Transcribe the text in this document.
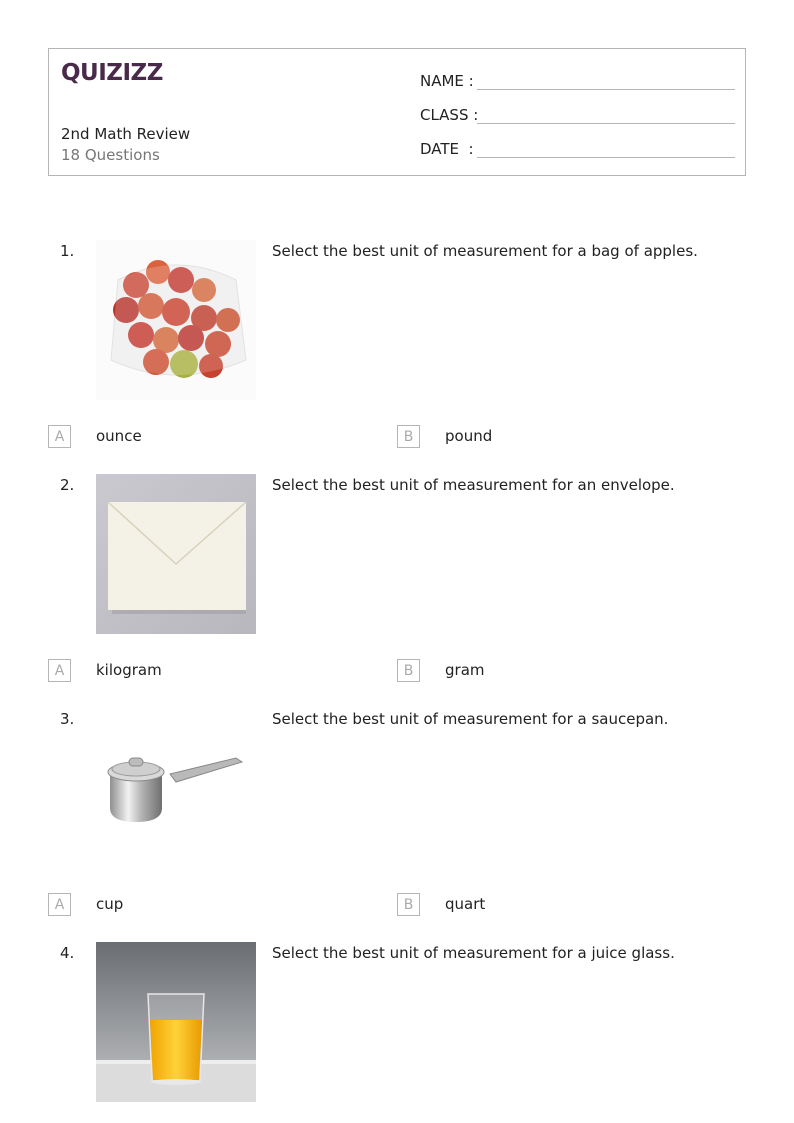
QUIZIZZ
2nd Math Review
18 Questions
NAME :
CLASS :
DATE  :
1.	Select the best unit of measurement for a bag of apples.
A	ounce	B	pound
2.	Select the best unit of measurement for an envelope.
A	kilogram	B	gram
3.	Select the best unit of measurement for a saucepan.
A	cup	B	quart
4.	Select the best unit of measurement for a juice glass.
